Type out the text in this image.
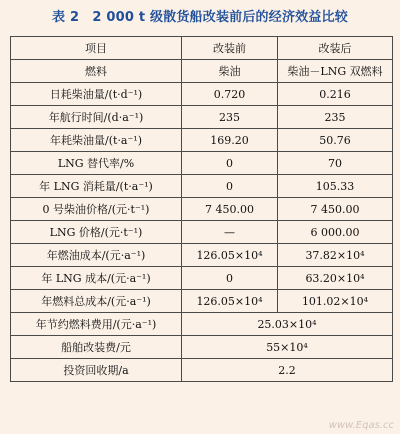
表 2　2 000 t 级散货船改装前后的经济效益比较
项目	改装前	改装后
燃料	柴油	柴油－LNG 双燃料
日耗柴油量/(t·d⁻¹)	0.720	0.216
年航行时间/(d·a⁻¹)	235	235
年耗柴油量/(t·a⁻¹)	169.20	50.76
LNG 替代率/%	0	70
年 LNG 消耗量/(t·a⁻¹)	0	105.33
0 号柴油价格/(元·t⁻¹)	7 450.00	7 450.00
LNG 价格/(元·t⁻¹)	—	6 000.00
年燃油成本/(元·a⁻¹)	126.05×10⁴	37.82×10⁴
年 LNG 成本/(元·a⁻¹)	0	63.20×10⁴
年燃料总成本/(元·a⁻¹)	126.05×10⁴	101.02×10⁴
年节约燃料费用/(元·a⁻¹)	25.03×10⁴	
船舶改装费/元	55×10⁴	
投资回收期/a	2.2	
www.Eqas.cc
